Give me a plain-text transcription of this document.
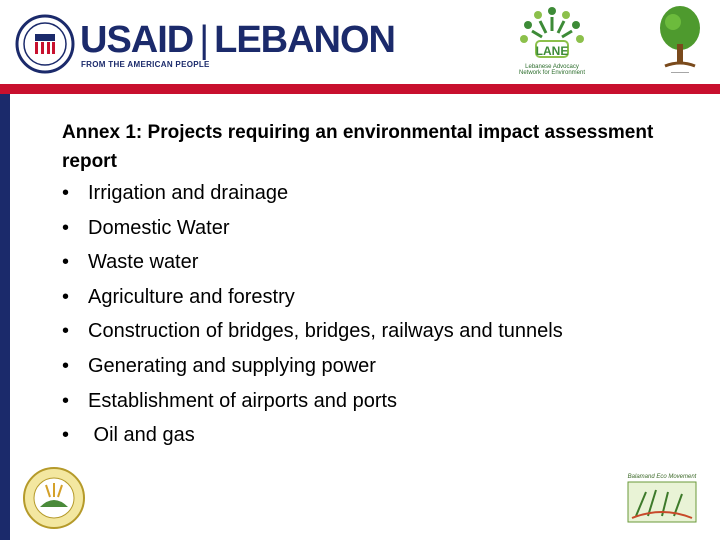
USAID | LEBANON
FROM THE AMERICAN PEOPLE
LANE
Lebanese Advocacy Network for Environment	―――

Annex 1: Projects requiring an environmental impact assessment report

• Irrigation and drainage
• Domestic Water
• Waste water
• Agriculture and forestry
• Construction of bridges, bridges, railways and tunnels
• Generating and supplying power
• Establishment of airports and ports
• Oil and gas
Balamand Eco Movement
